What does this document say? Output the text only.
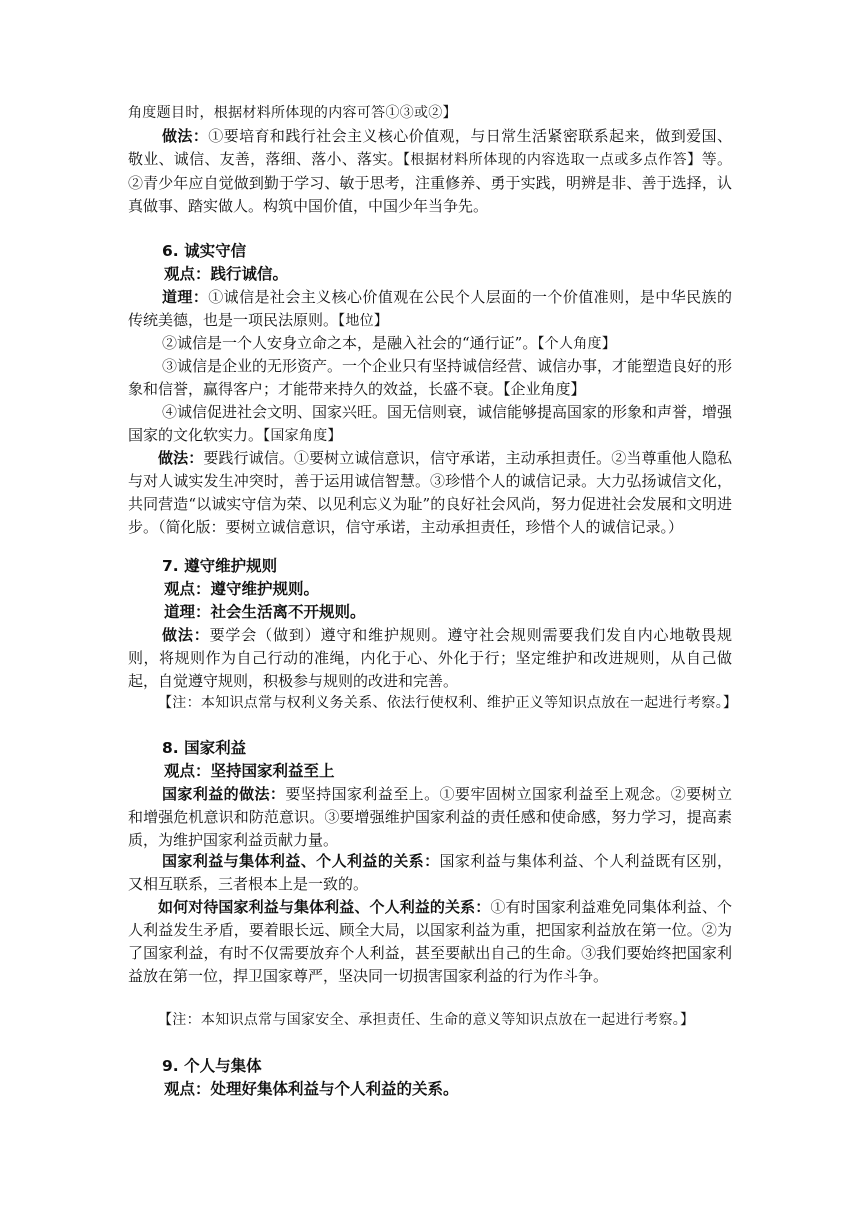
角度题目时，根据材料所体现的内容可答①③或②】

做法：①要培育和践行社会主义核心价值观，与日常生活紧密联系起来，做到爱国、敬业、诚信、友善，落细、落小、落实。【根据材料所体现的内容选取一点或多点作答】等。②青少年应自觉做到勤于学习、敏于思考，注重修养、勇于实践，明辨是非、善于选择，认真做事、踏实做人。构筑中国价值，中国少年当争先。

6. 诚实守信

观点：践行诚信。

道理：①诚信是社会主义核心价值观在公民个人层面的一个价值准则，是中华民族的传统美德，也是一项民法原则。【地位】

②诚信是一个人安身立命之本，是融入社会的“通行证”。【个人角度】

③诚信是企业的无形资产。一个企业只有坚持诚信经营、诚信办事，才能塑造良好的形象和信誉，赢得客户；才能带来持久的效益，长盛不衰。【企业角度】

④诚信促进社会文明、国家兴旺。国无信则衰，诚信能够提高国家的形象和声誉，增强国家的文化软实力。【国家角度】

做法：要践行诚信。①要树立诚信意识，信守承诺，主动承担责任。②当尊重他人隐私与对人诚实发生冲突时，善于运用诚信智慧。③珍惜个人的诚信记录。大力弘扬诚信文化，共同营造“以诚实守信为荣、以见利忘义为耻”的良好社会风尚，努力促进社会发展和文明进步。（简化版：要树立诚信意识，信守承诺，主动承担责任，珍惜个人的诚信记录。）

7. 遵守维护规则

观点：遵守维护规则。

道理：社会生活离不开规则。

做法：要学会（做到）遵守和维护规则。遵守社会规则需要我们发自内心地敬畏规则，将规则作为自己行动的准绳，内化于心、外化于行；坚定维护和改进规则，从自己做起，自觉遵守规则，积极参与规则的改进和完善。

【注：本知识点常与权利义务关系、依法行使权利、维护正义等知识点放在一起进行考察。】

8. 国家利益

观点：坚持国家利益至上

国家利益的做法：要坚持国家利益至上。①要牢固树立国家利益至上观念。②要树立和增强危机意识和防范意识。③要增强维护国家利益的责任感和使命感，努力学习，提高素质，为维护国家利益贡献力量。

国家利益与集体利益、个人利益的关系：国家利益与集体利益、个人利益既有区别，又相互联系，三者根本上是一致的。

如何对待国家利益与集体利益、个人利益的关系：①有时国家利益难免同集体利益、个人利益发生矛盾，要着眼长远、顾全大局，以国家利益为重，把国家利益放在第一位。②为了国家利益，有时不仅需要放弃个人利益，甚至要献出自己的生命。③我们要始终把国家利益放在第一位，捍卫国家尊严，坚决同一切损害国家利益的行为作斗争。

【注：本知识点常与国家安全、承担责任、生命的意义等知识点放在一起进行考察。】

9. 个人与集体

观点：处理好集体利益与个人利益的关系。
